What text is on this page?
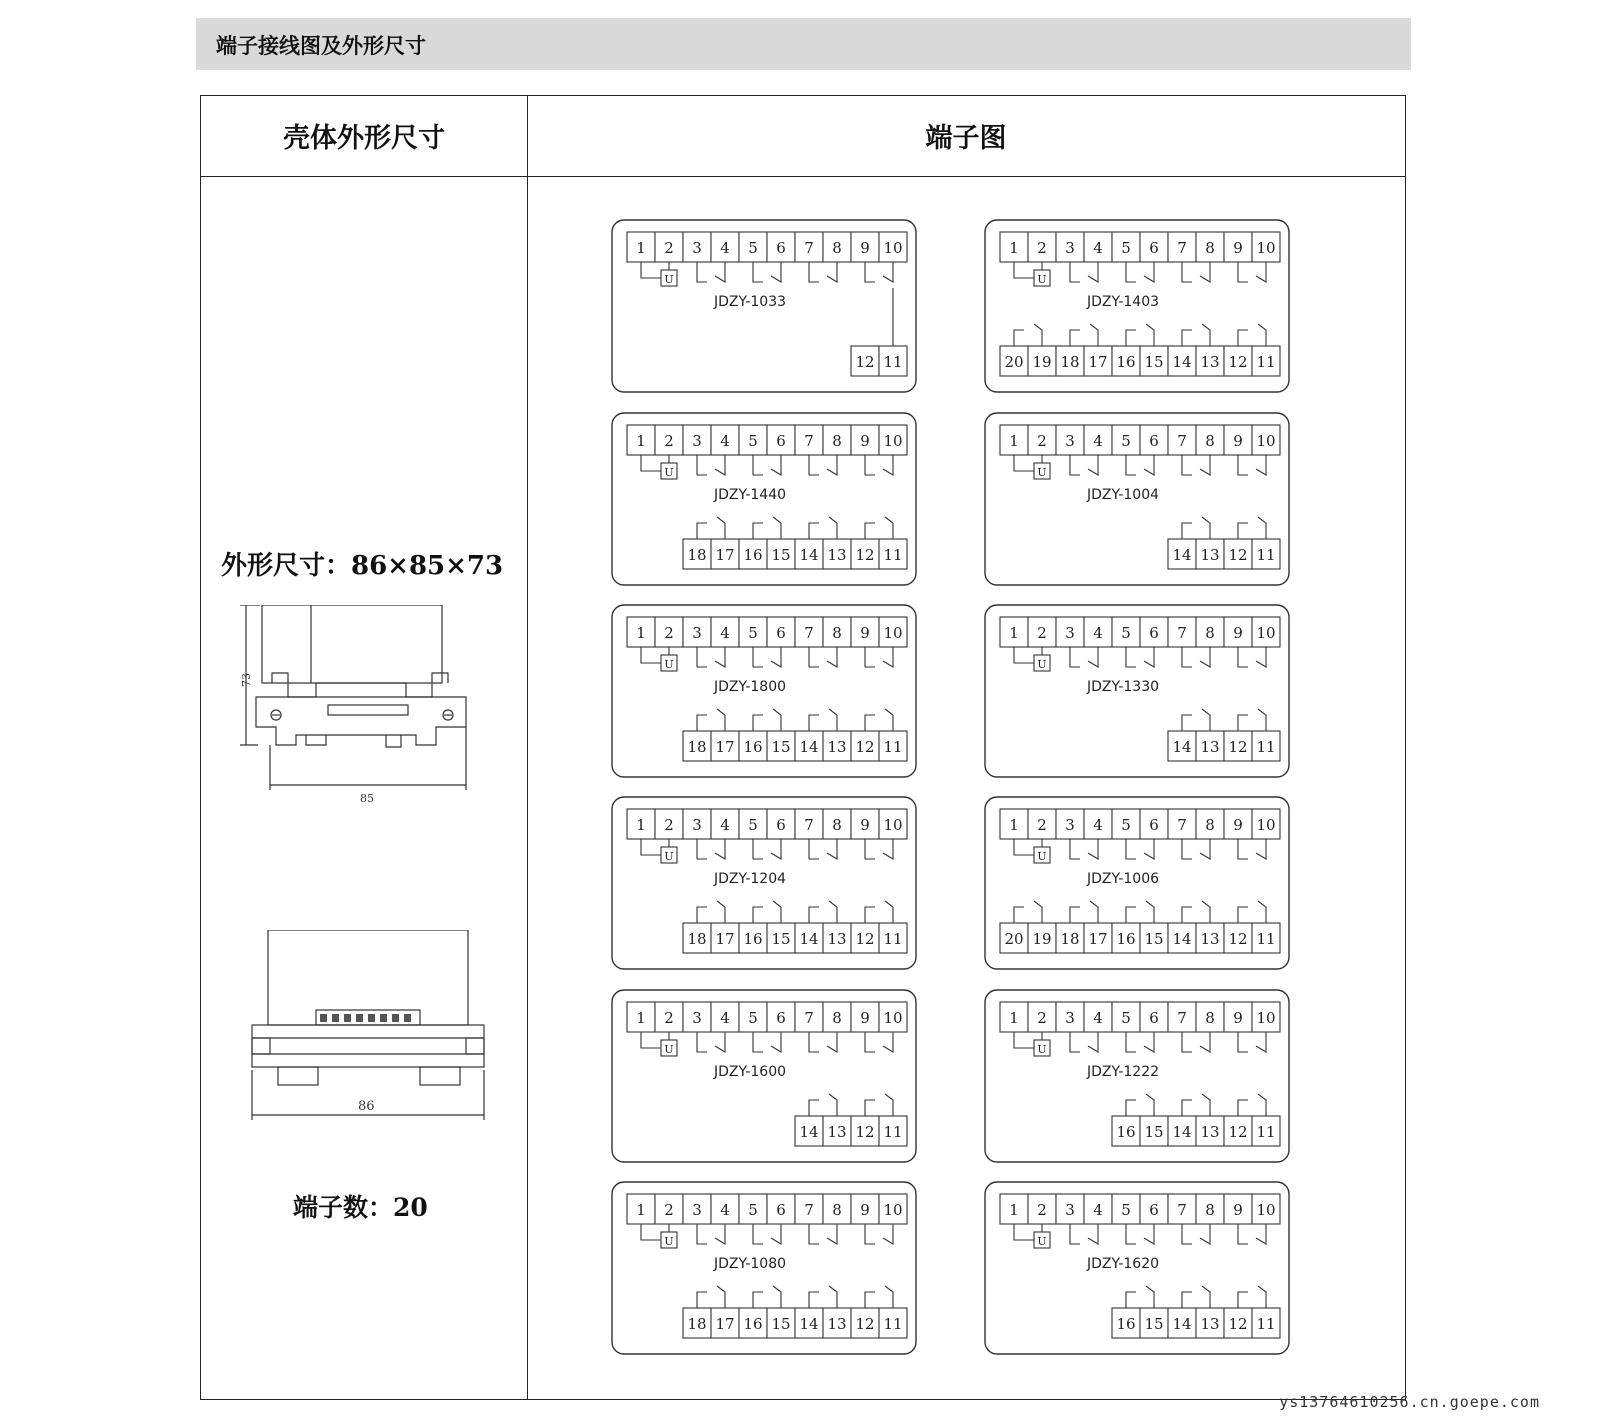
端子接线图及外形尺寸
壳体外形尺寸	端子图
外形尺寸：86×85×73
端子数：20
73
85
86
1 2 3 4 5 6 7 8 9 10
U
JDZY-1033
12 11
1 2 3 4 5 6 7 8 9 10
U
JDZY-1403
20 19 18 17 16 15 14 13 12 11
1 2 3 4 5 6 7 8 9 10
U
JDZY-1440
18 17 16 15 14 13 12 11
1 2 3 4 5 6 7 8 9 10
U
JDZY-1004
14 13 12 11
1 2 3 4 5 6 7 8 9 10
U
JDZY-1800
18 17 16 15 14 13 12 11
1 2 3 4 5 6 7 8 9 10
U
JDZY-1330
14 13 12 11
1 2 3 4 5 6 7 8 9 10
U
JDZY-1204
18 17 16 15 14 13 12 11
1 2 3 4 5 6 7 8 9 10
U
JDZY-1006
20 19 18 17 16 15 14 13 12 11
1 2 3 4 5 6 7 8 9 10
U
JDZY-1600
14 13 12 11
1 2 3 4 5 6 7 8 9 10
U
JDZY-1222
16 15 14 13 12 11
1 2 3 4 5 6 7 8 9 10
U
JDZY-1080
18 17 16 15 14 13 12 11
1 2 3 4 5 6 7 8 9 10
U
JDZY-1620
16 15 14 13 12 11
ys13764610256.cn.goepe.com
